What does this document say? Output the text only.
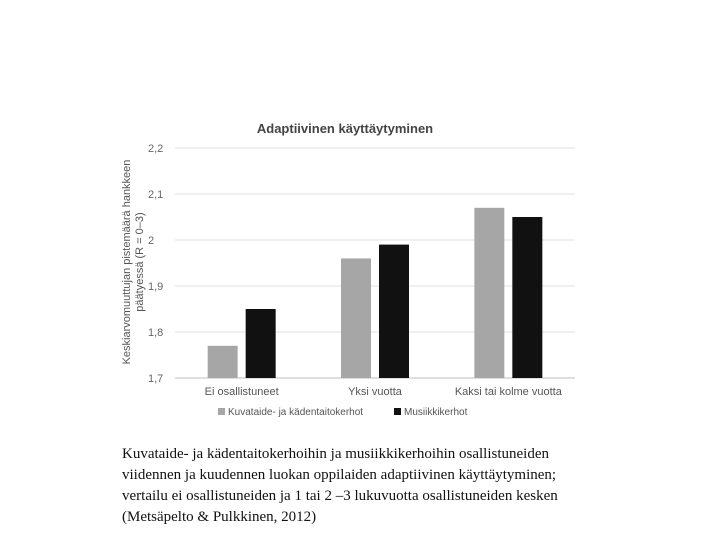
Adaptiivinen käyttäytyminen
Keskiarvomuuttujan pistemäärä hankkeen päätyessä (R = 0–3)
1,7
1,8
1,9
2
2,1
2,2
Ei osallistuneet	Yksi vuotta	Kaksi tai kolme vuotta
Kuvataide- ja kädentaitokerhot	Musiikkikerhot
Kuvataide- ja kädentaitokerhoihin ja musiikkikerhoihin osallistuneiden viidennen ja kuudennen luokan oppilaiden adaptiivinen käyttäytyminen; vertailu ei osallistuneiden ja 1 tai 2 –3 lukuvuotta osallistuneiden kesken (Metsäpelto & Pulkkinen, 2012)
